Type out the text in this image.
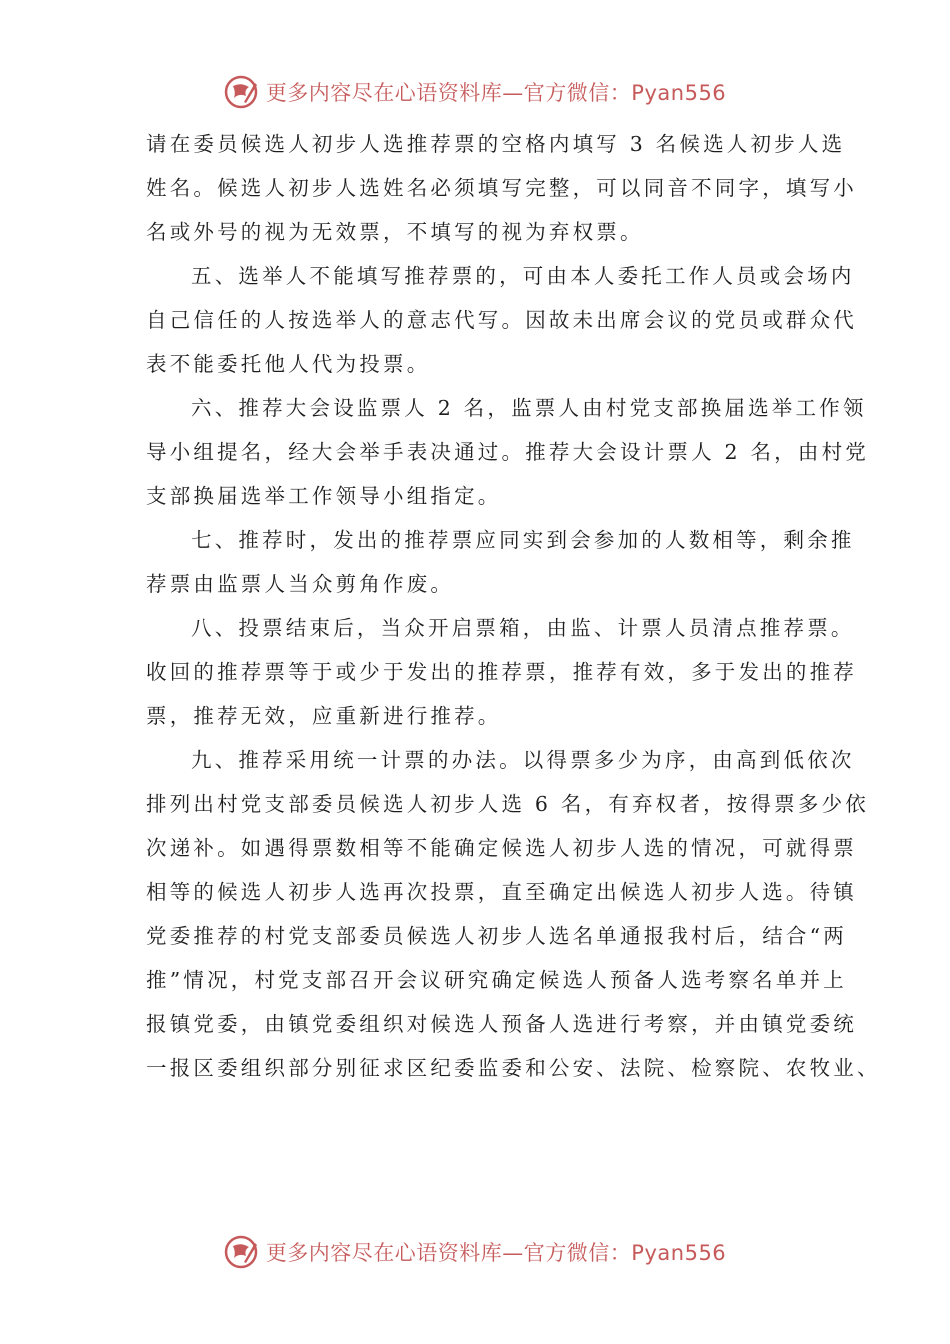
更多内容尽在心语资料库—官方微信：Pyan556
请在委员候选人初步人选推荐票的空格内填写 3 名候选人初步人选
姓名。候选人初步人选姓名必须填写完整，可以同音不同字，填写小
名或外号的视为无效票，不填写的视为弃权票。
五、选举人不能填写推荐票的，可由本人委托工作人员或会场内
自己信任的人按选举人的意志代写。因故未出席会议的党员或群众代
表不能委托他人代为投票。
六、推荐大会设监票人 2 名，监票人由村党支部换届选举工作领
导小组提名，经大会举手表决通过。推荐大会设计票人 2 名，由村党
支部换届选举工作领导小组指定。
七、推荐时，发出的推荐票应同实到会参加的人数相等，剩余推
荐票由监票人当众剪角作废。
八、投票结束后，当众开启票箱，由监、计票人员清点推荐票。
收回的推荐票等于或少于发出的推荐票，推荐有效，多于发出的推荐
票，推荐无效，应重新进行推荐。
九、推荐采用统一计票的办法。以得票多少为序，由高到低依次
排列出村党支部委员候选人初步人选 6 名，有弃权者，按得票多少依
次递补。如遇得票数相等不能确定候选人初步人选的情况，可就得票
相等的候选人初步人选再次投票，直至确定出候选人初步人选。待镇
党委推荐的村党支部委员候选人初步人选名单通报我村后，结合“两
推”情况，村党支部召开会议研究确定候选人预备人选考察名单并上
报镇党委，由镇党委组织对候选人预备人选进行考察，并由镇党委统
一报区委组织部分别征求区纪委监委和公安、法院、检察院、农牧业、
更多内容尽在心语资料库—官方微信：Pyan556
